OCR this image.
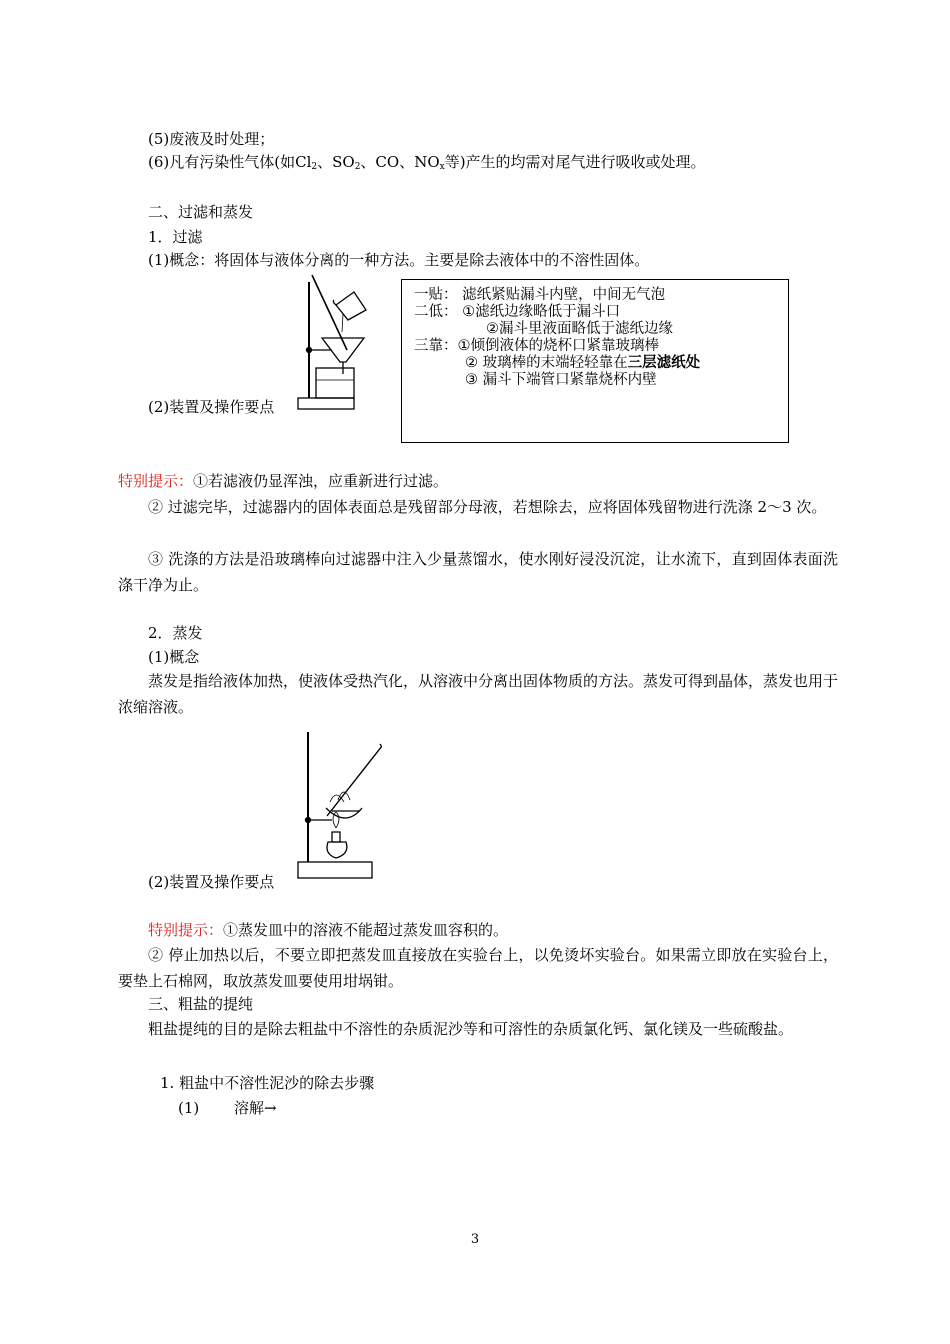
(5)废液及时处理；
(6)凡有污染性气体(如$Cl_2$、$SO_2$、CO、$NO_x$等)产生的均需对尾气进行吸收或处理。
二、过滤和蒸发
1．过滤
(1)概念：将固体与液体分离的一种方法。主要是除去液体中的不溶性固体。
(2)装置及操作要点
一贴： 滤纸紧贴漏斗内壁，中间无气泡
二低： ①滤纸边缘略低于漏斗口
②漏斗里液面略低于滤纸边缘
三靠：①倾倒液体的烧杯口紧靠玻璃棒
② 玻璃棒的末端轻轻靠在三层滤纸处
③ 漏斗下端管口紧靠烧杯内壁
特别提示：①若滤液仍显浑浊，应重新进行过滤。
② 过滤完毕，过滤器内的固体表面总是残留部分母液，若想除去，应将固体残留物进行洗涤 2～3 次。
③ 洗涤的方法是沿玻璃棒向过滤器中注入少量蒸馏水，使水刚好浸没沉淀，让水流下，直到固体表面洗涤干净为止。
2．蒸发
(1)概念
蒸发是指给液体加热，使液体受热汽化，从溶液中分离出固体物质的方法。蒸发可得到晶体，蒸发也用于浓缩溶液。
(2)装置及操作要点
特别提示：①蒸发皿中的溶液不能超过蒸发皿容积的。
② 停止加热以后，不要立即把蒸发皿直接放在实验台上，以免烫坏实验台。如果需立即放在实验台上，要垫上石棉网，取放蒸发皿要使用坩埚钳。
三、粗盐的提纯
粗盐提纯的目的是除去粗盐中不溶性的杂质泥沙等和可溶性的杂质氯化钙、氯化镁及一些硫酸盐。
1. 粗盐中不溶性泥沙的除去步骤
(1) 溶解→
3
